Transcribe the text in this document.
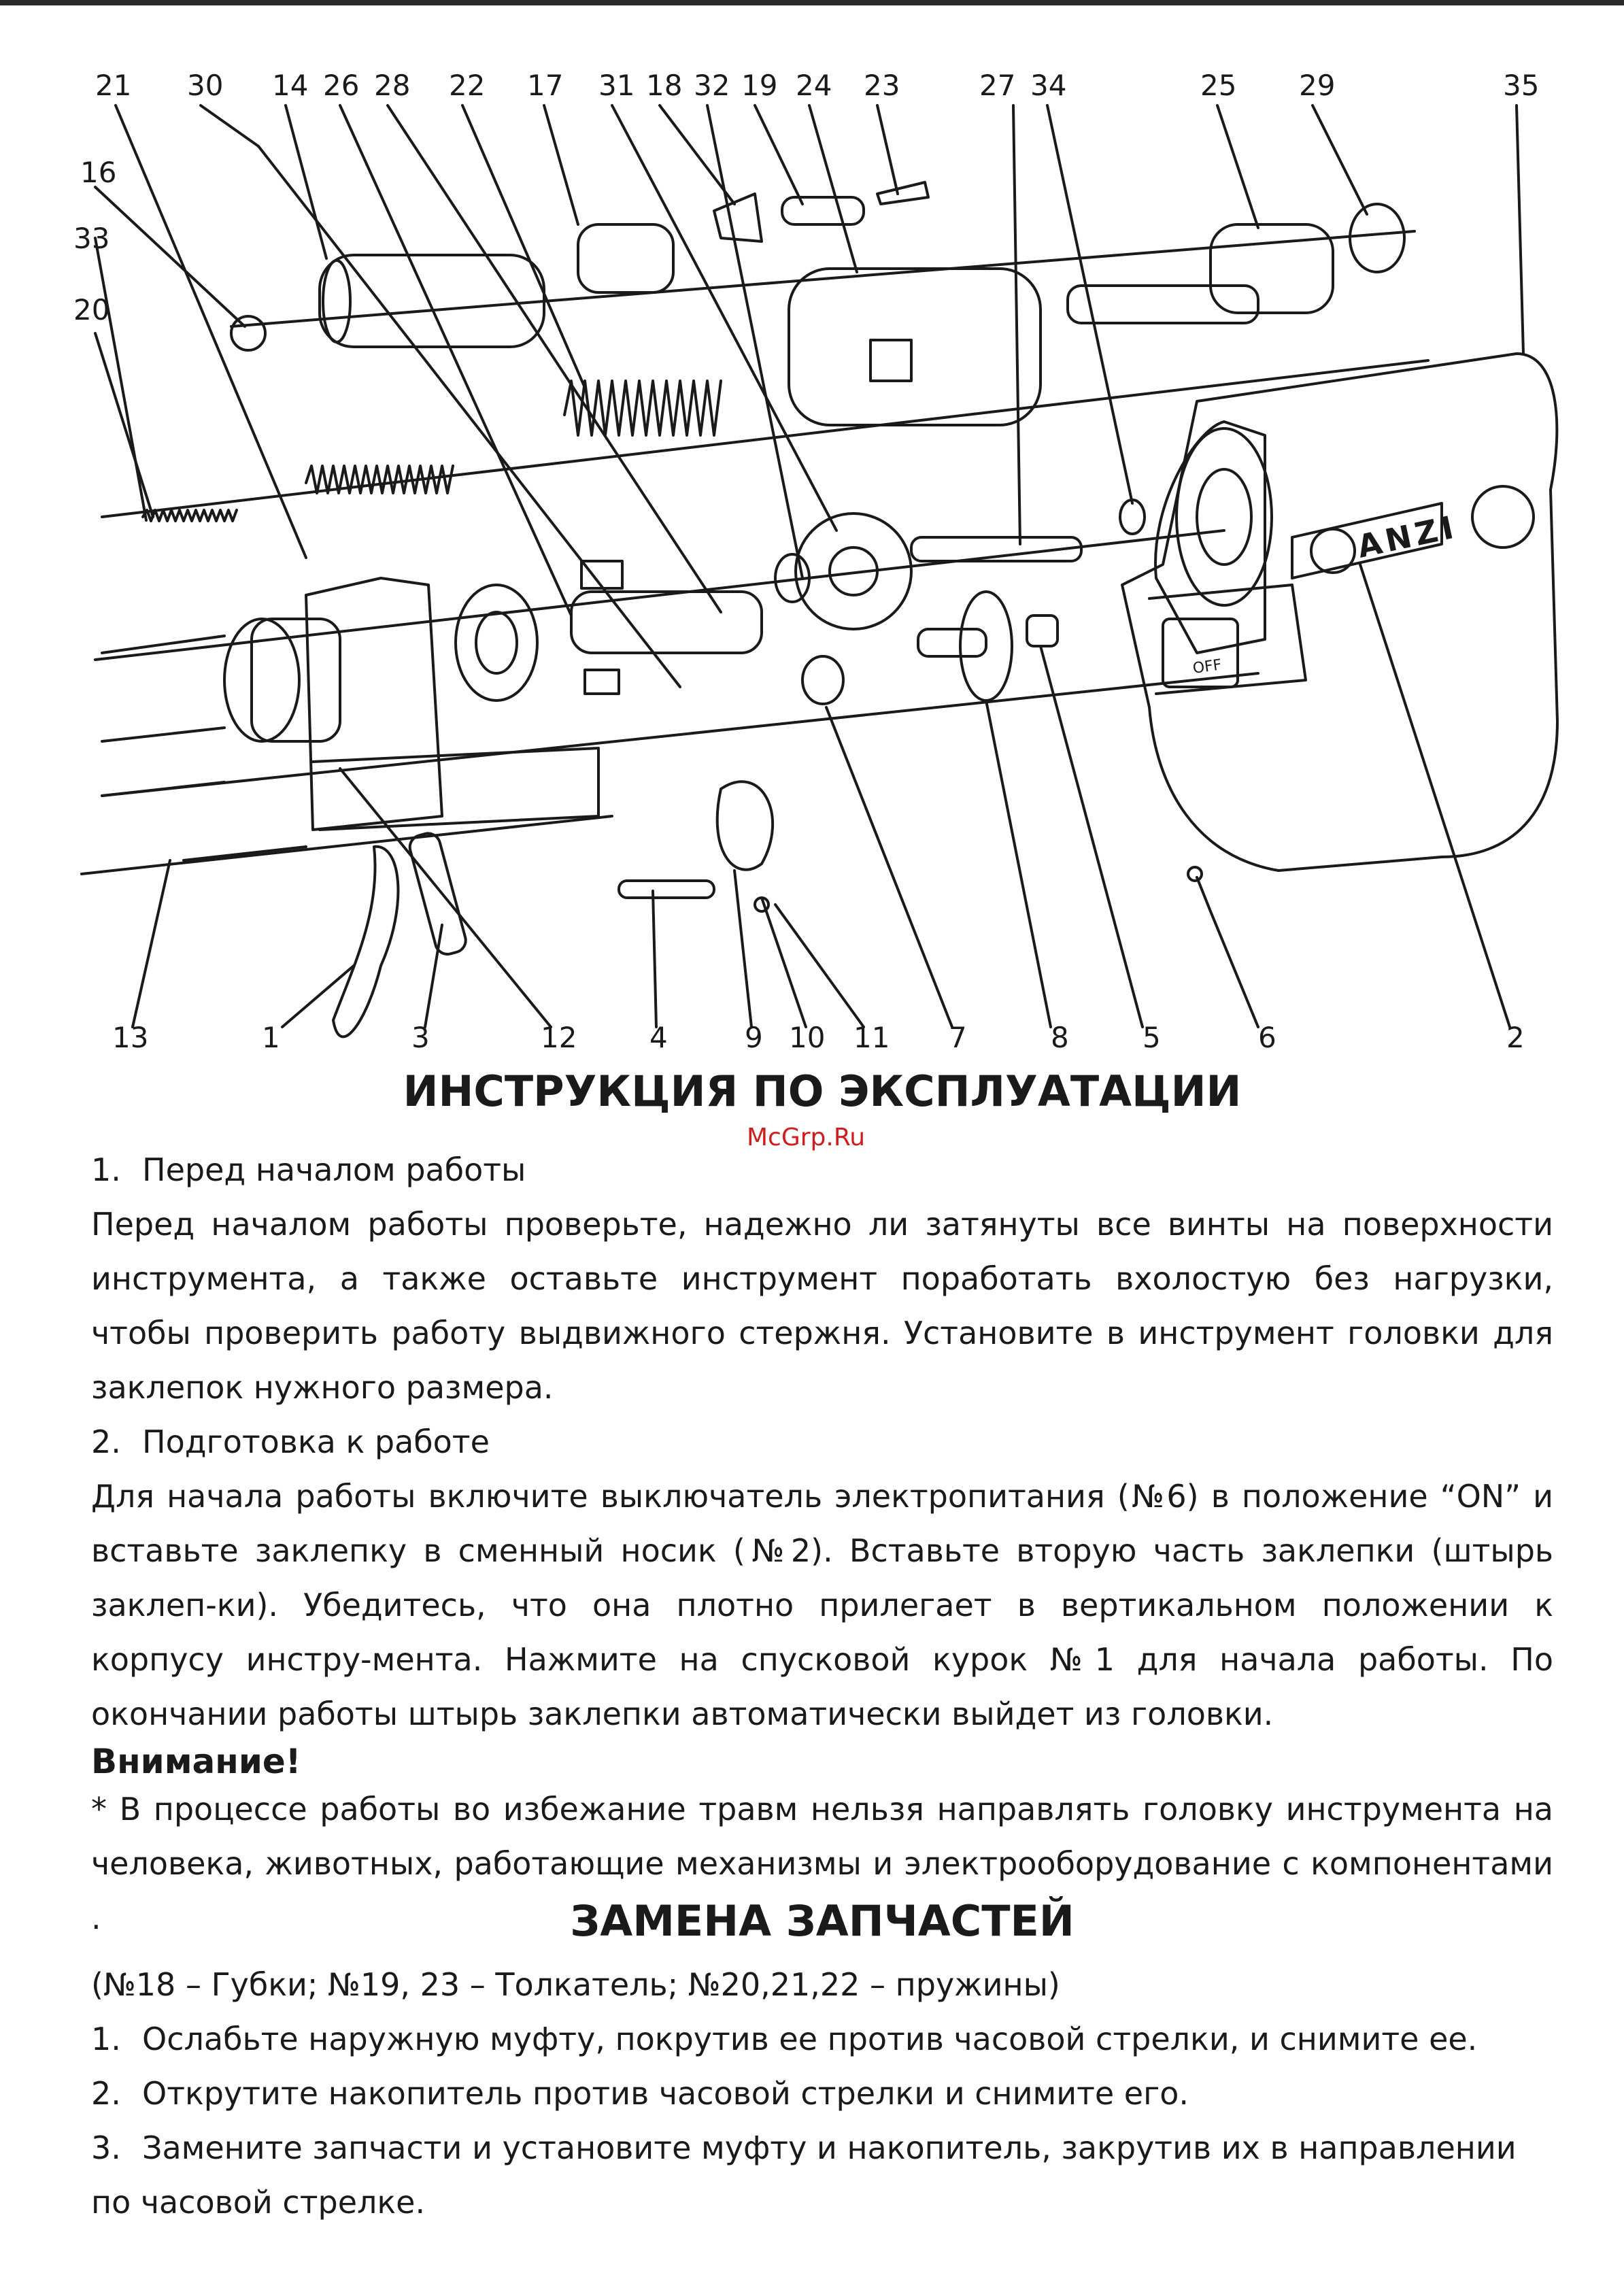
21 30 14 26 28 22 17 31 18 32 19 24 23	27 34	25 29	35
16
33
20
13	1	3	12	4	9 10 11 7	8	5	6	2
ANZI
OFF
ИНСТРУКЦИЯ ПО ЭКСПЛУАТАЦИИ
McGrp.Ru
1. Перед началом работы

Перед началом работы проверьте, надежно ли затянуты все винты на поверхности инструмента, а также оставьте инструмент поработать вхолостую без нагрузки, чтобы проверить работу выдвижного стержня. Установите в инструмент головки для заклепок нужного размера.

2. Подготовка к работе

Для начала работы включите выключатель электропитания (№6) в положение “ON” и вставьте заклепку в сменный носик (№2). Вставьте вторую часть заклепки (штырь заклеп-ки). Убедитесь, что она плотно прилегает в вертикальном положении к корпусу инстру-мента. Нажмите на спусковой курок №1 для начала работы. По окончании работы штырь заклепки автоматически выйдет из головки.

Внимание!

* В процессе работы во избежание травм нельзя направлять головку инструмента на человека, животных, работающие механизмы и электрооборудование с компонентами .	ЗАМЕНА ЗАПЧАСТЕЙ
(№18 – Губки; №19, 23 – Толкатель; №20,21,22 – пружины)
1. Ослабьте наружную муфту, покрутив ее против часовой стрелки, и снимите ее.
2. Открутите накопитель против часовой стрелки и снимите его.
3. Замените запчасти и установите муфту и накопитель, закрутив их в направлении по часовой стрелке.
